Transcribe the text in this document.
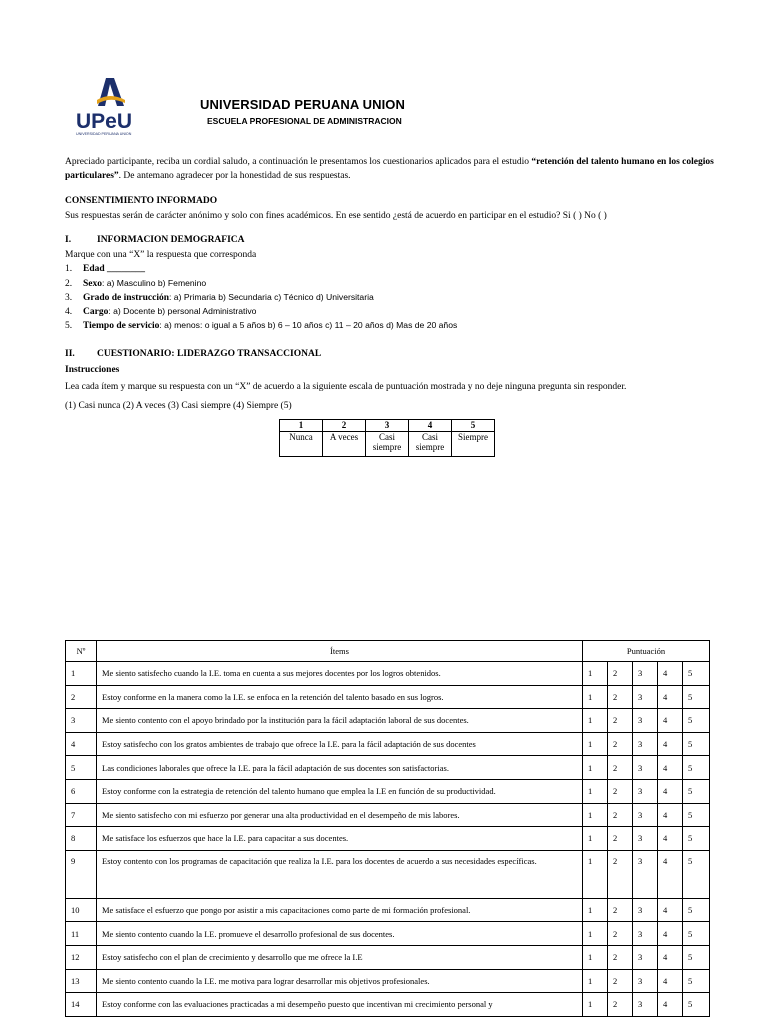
UPeU
UNIVERSIDAD PERUANA UNION
UNIVERSIDAD PERUANA UNION
ESCUELA PROFESIONAL DE ADMINISTRACION
Apreciado participante, reciba un cordial saludo, a continuación le presentamos los cuestionarios aplicados para el estudio “retención del talento humano en los colegios particulares”. De antemano agradecer por la honestidad de sus respuestas.
CONSENTIMIENTO INFORMADO
Sus respuestas serán de carácter anónimo y solo con fines académicos. En ese sentido ¿está de acuerdo en participar en el estudio? Si ( ) No ( )
I.	INFORMACION DEMOGRAFICA
Marque con una “X” la respuesta que corresponda
1. Edad ________
2. Sexo: a) Masculino b) Femenino
3. Grado de instrucción: a) Primaria b) Secundaria c) Técnico d) Universitaria
4. Cargo: a) Docente b) personal Administrativo
5. Tiempo de servicio: a) menos: o igual a 5 años b) 6 – 10 años c) 11 – 20 años d) Mas de 20 años
II. CUESTIONARIO: LIDERAZGO TRANSACCIONAL
Instrucciones
Lea cada ítem y marque su respuesta con un “X” de acuerdo a la siguiente escala de puntuación mostrada y no deje ninguna pregunta sin responder.
(1) Casi nunca (2) A veces (3) Casi siempre (4) Siempre (5)
1	2	3	4	5
Nunca	A veces	Casi siempre	Casi siempre	Siempre
Nº	Ítems	Puntuación				
1	Me siento satisfecho cuando la I.E. toma en cuenta a sus mejores docentes por los logros obtenidos.	1	2	3	4	5
2	Estoy conforme en la manera como la I.E. se enfoca en la retención del talento basado en sus logros.	1	2	3	4	5
3	Me siento contento con el apoyo brindado por la institución para la fácil adaptación laboral de sus docentes.	1	2	3	4	5
4	Estoy satisfecho con los gratos ambientes de trabajo que ofrece la I.E. para la fácil adaptación de sus docentes	1	2	3	4	5
5	Las condiciones laborales que ofrece la I.E. para la fácil adaptación de sus docentes son satisfactorias.	1	2	3	4	5
6	Estoy conforme con la estrategia de retención del talento humano que emplea la I.E en función de su productividad.	1	2	3	4	5
7	Me siento satisfecho con mi esfuerzo por generar una alta productividad en el desempeño de mis labores.	1	2	3	4	5
8	Me satisface los esfuerzos que hace la I.E. para capacitar a sus docentes.	1	2	3	4	5
9	Estoy contento con los programas de capacitación que realiza la I.E. para los docentes de acuerdo a sus necesidades específicas.	1	2	3	4	5
10	Me satisface el esfuerzo que pongo por asistir a mis capacitaciones como parte de mi formación profesional.	1	2	3	4	5
11	Me siento contento cuando la I.E. promueve el desarrollo profesional de sus docentes.	1	2	3	4	5
12	Estoy satisfecho con el plan de crecimiento y desarrollo que me ofrece la I.E	1	2	3	4	5
13	Me siento contento cuando la I.E. me motiva para lograr desarrollar mis objetivos profesionales.	1	2	3	4	5
14	Estoy conforme con las evaluaciones practicadas a mi desempeño puesto que incentivan mi crecimiento personal y	1	2	3	4	5
